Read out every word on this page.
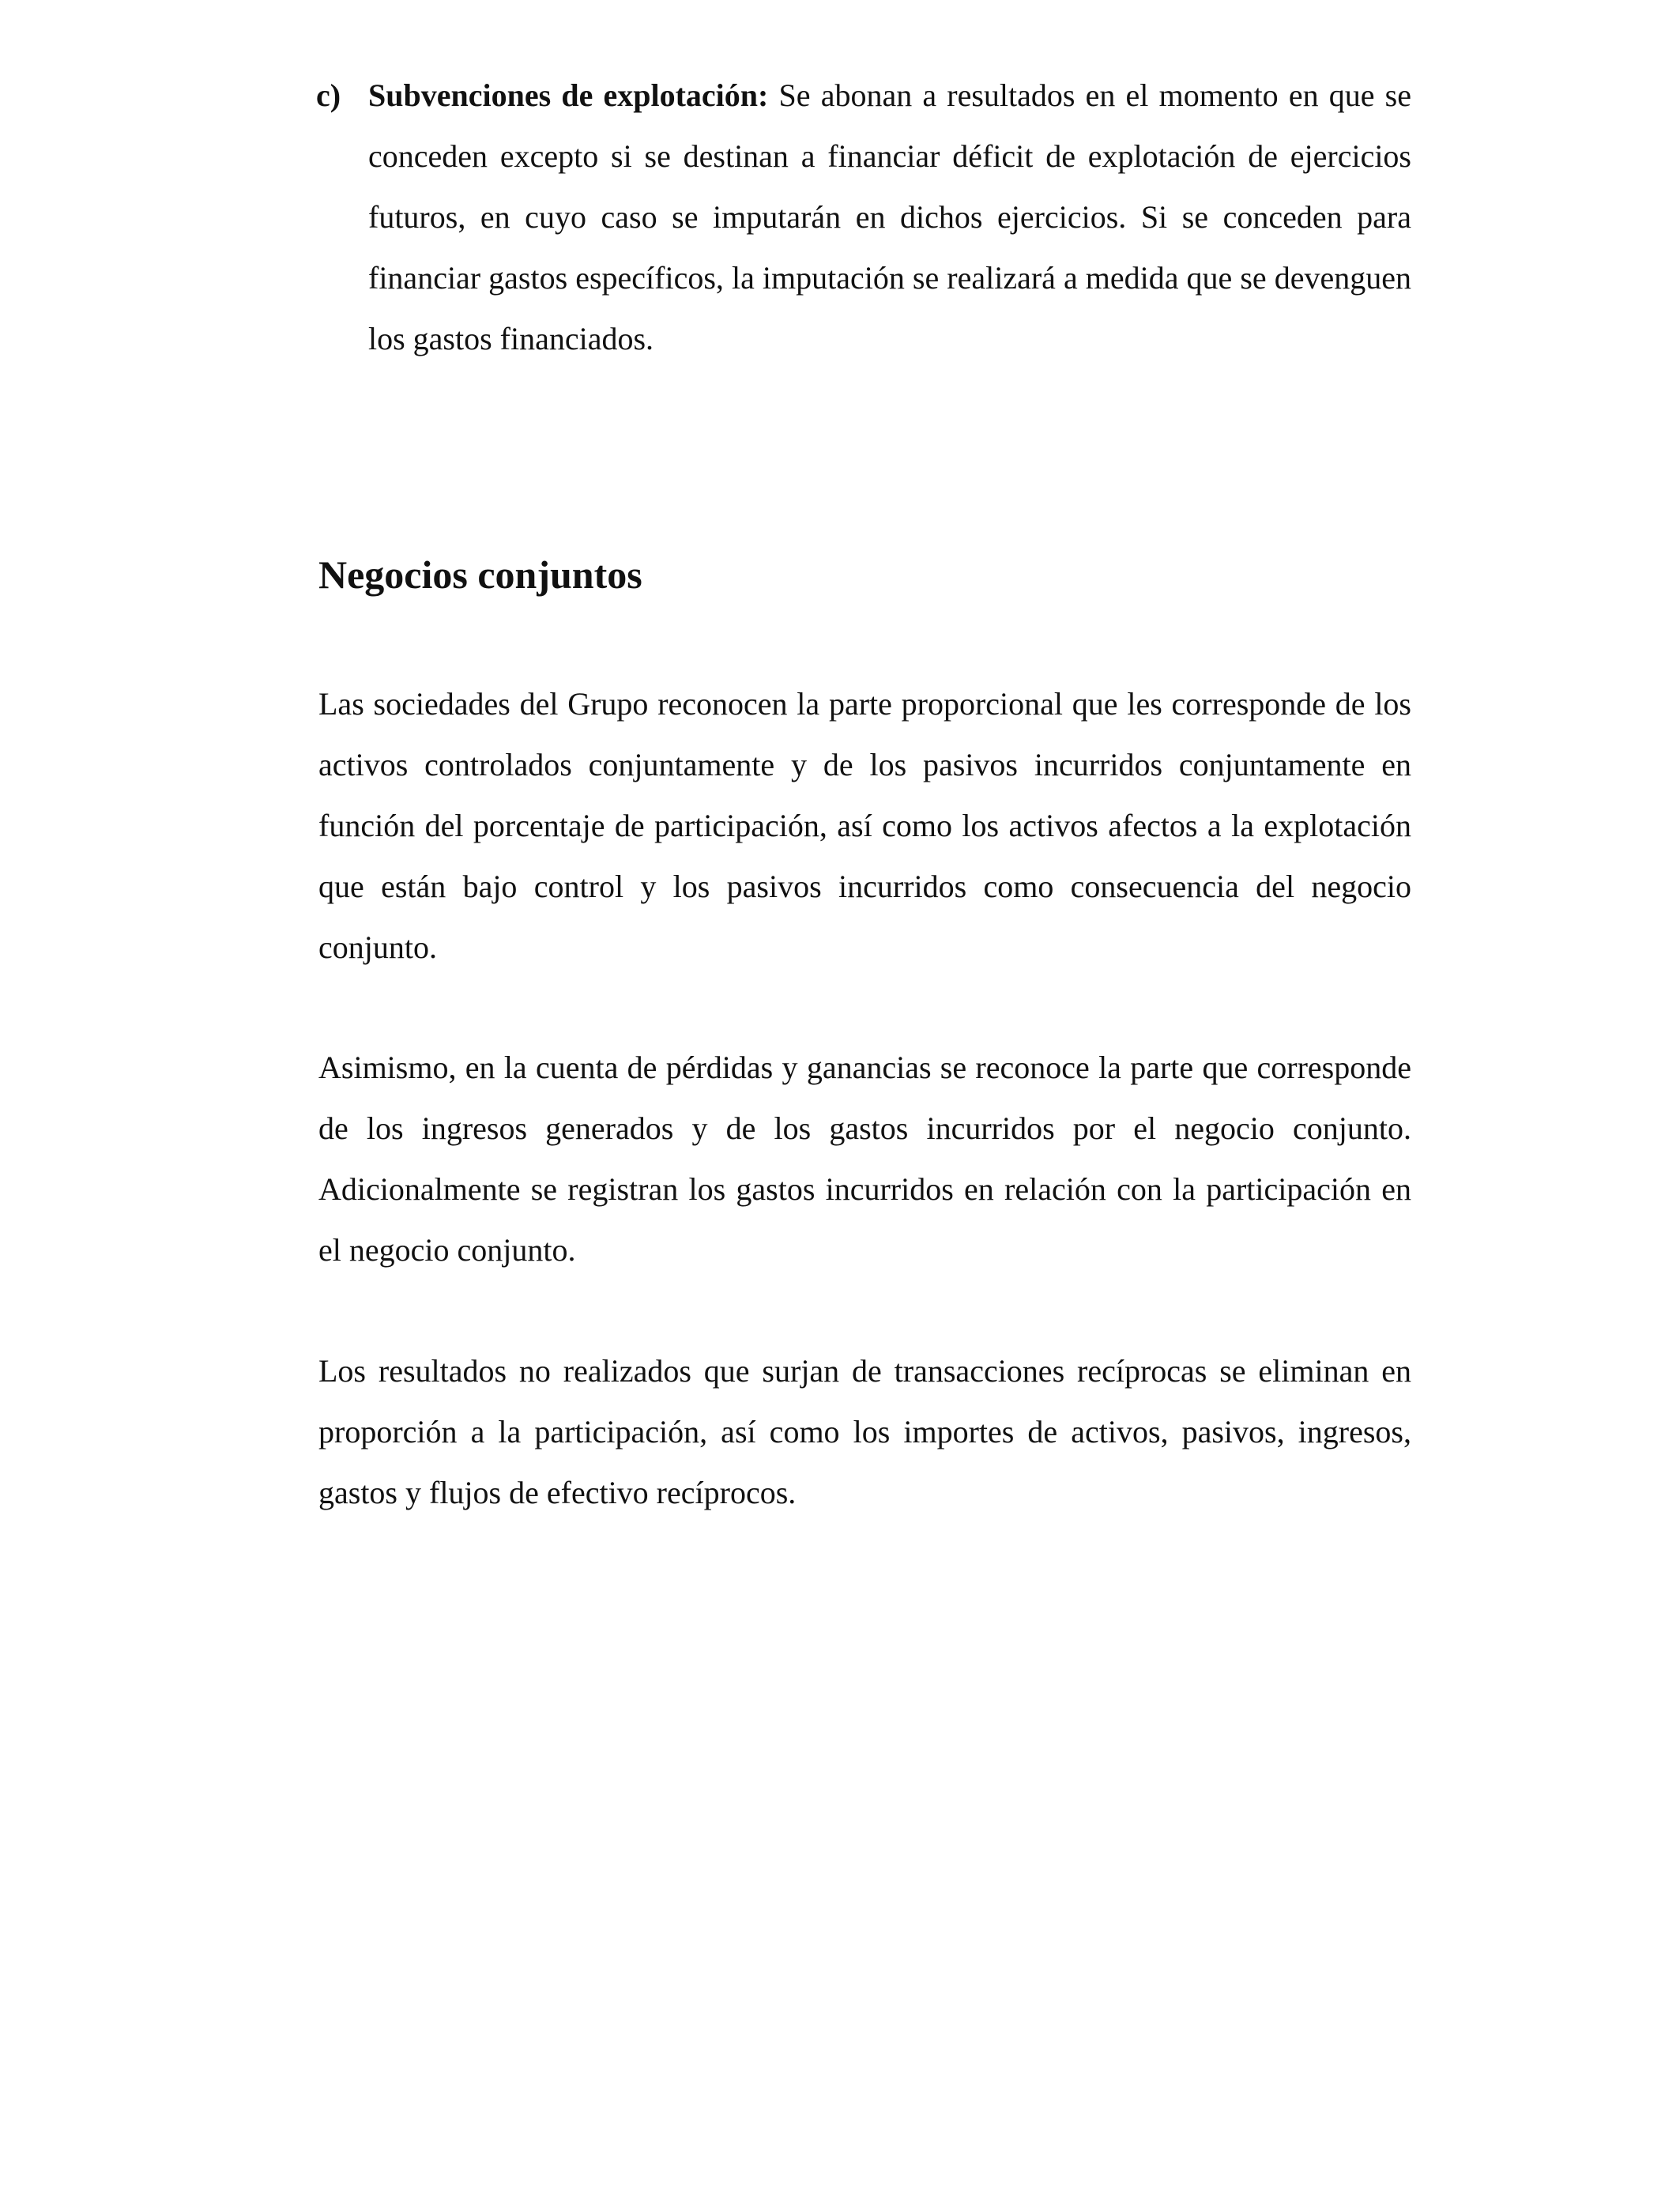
c) Subvenciones de explotación: Se abonan a resultados en el momento en que se conceden excepto si se destinan a financiar déficit de explotación de ejercicios futuros, en cuyo caso se imputarán en dichos ejercicios. Si se conceden para financiar gastos específicos, la imputación se realizará a medida que se devenguen los gastos financiados.
Negocios conjuntos

Las sociedades del Grupo reconocen la parte proporcional que les corresponde de los activos controlados conjuntamente y de los pasivos incurridos conjuntamente en función del porcentaje de participación, así como los activos afectos a la explotación que están bajo control y los pasivos incurridos como consecuencia del negocio conjunto.

Asimismo, en la cuenta de pérdidas y ganancias se reconoce la parte que corresponde de los ingresos generados y de los gastos incurridos por el negocio conjunto. Adicionalmente se registran los gastos incurridos en relación con la participación en el negocio conjunto.

Los resultados no realizados que surjan de transacciones recíprocas se eliminan en proporción a la participación, así como los importes de activos, pasivos, ingresos, gastos y flujos de efectivo recíprocos.
